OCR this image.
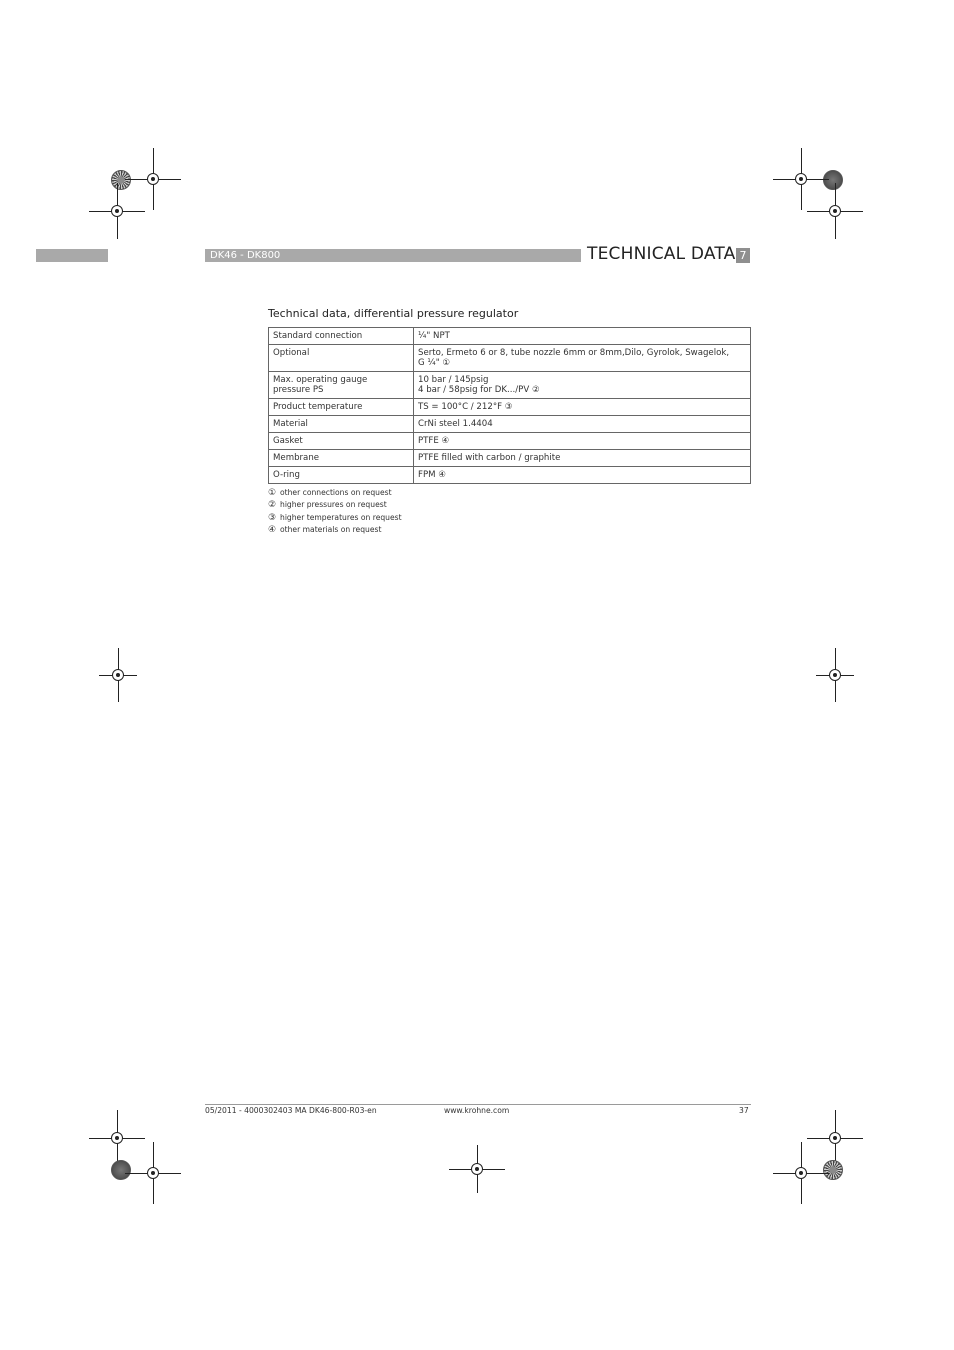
DK46 - DK800	TECHNICAL DATA 7
Technical data, differential pressure regulator
Standard connection	¼" NPT
Optional	Serto, Ermeto 6 or 8, tube nozzle 6mm or 8mm,Dilo, Gyrolok, Swagelok,
G ¼" ①
Max. operating gauge
pressure PS	10 bar / 145psig
4 bar / 58psig for DK.../PV ②
Product temperature	TS = 100°C / 212°F ③
Material	CrNi steel 1.4404
Gasket	PTFE ④
Membrane	PTFE filled with carbon / graphite
O-ring	FPM ④
① other connections on request
② higher pressures on request
③ higher temperatures on request
④ other materials on request
05/2011 - 4000302403 MA DK46-800-R03-en	www.krohne.com	37
